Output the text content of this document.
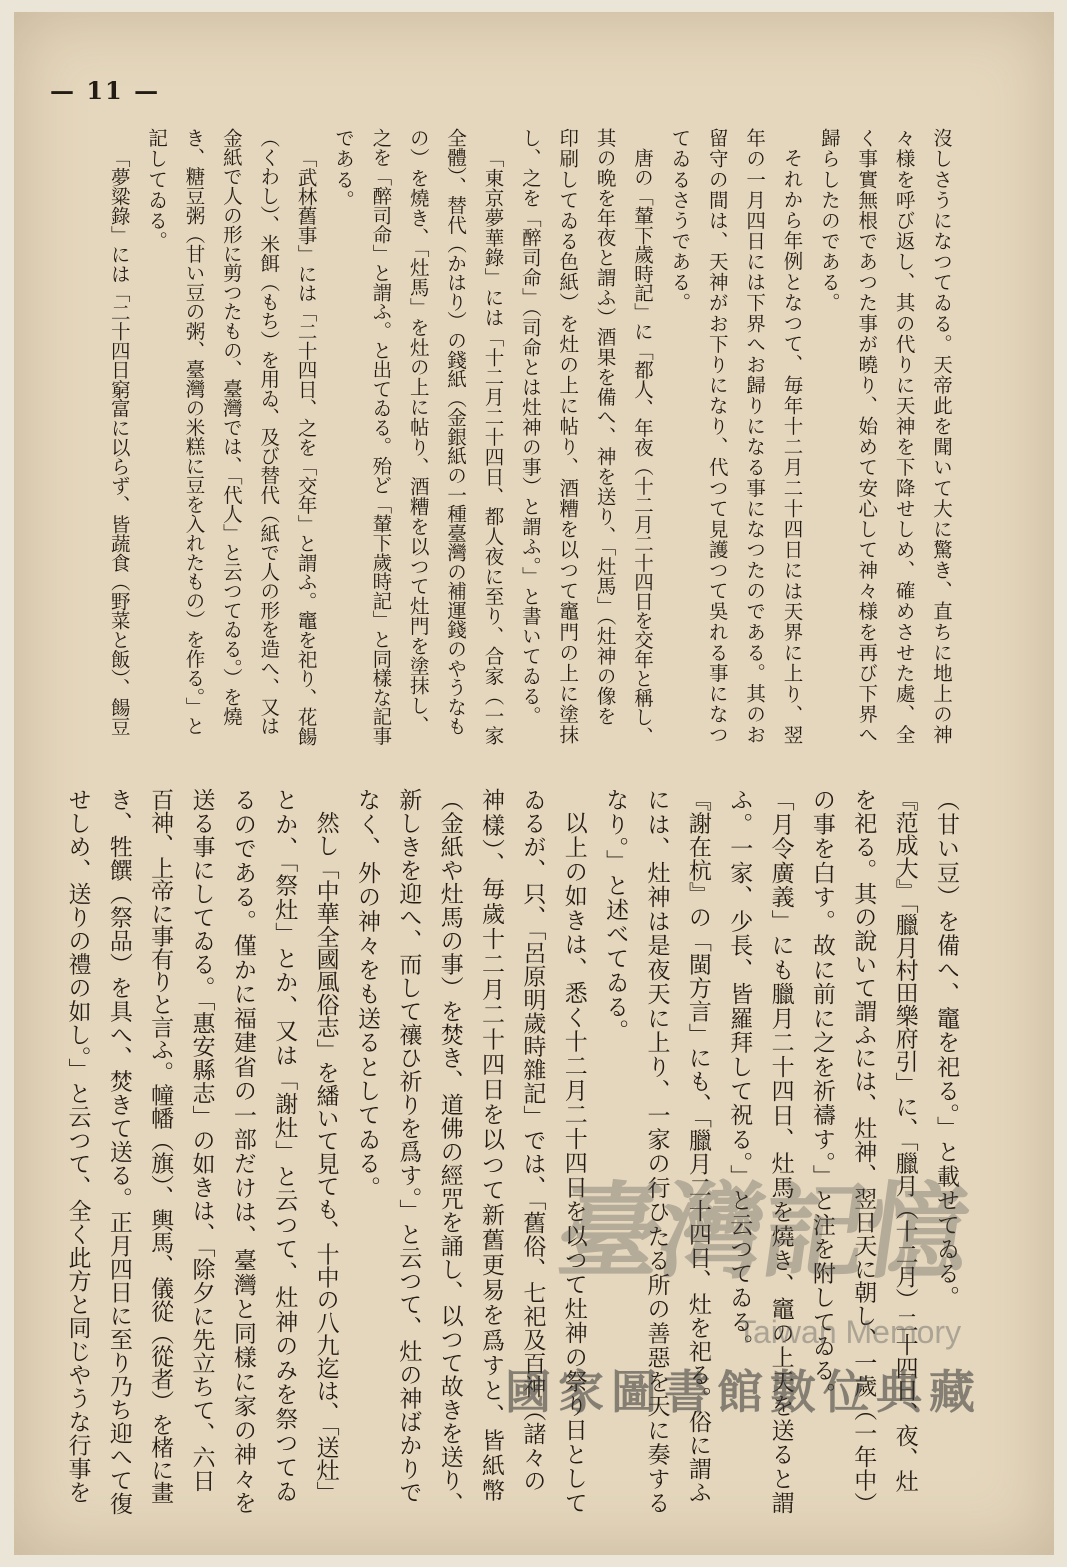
— 11 —
沒しさうになつてゐる。天帝此を聞いて大に驚き、直ちに地上の神
々様を呼び返し、其の代りに天神を下降せしめ、確めさせた處、全
く事實無根であつた事が曉り、始めて安心して神々様を再び下界へ
歸らしたのである。
それから年例となつて、毎年十二月二十四日には天界に上り、翌
年の一月四日には下界へお歸りになる事になつたのである。其のお
留守の間は、天神がお下りになり、代つて見護つて吳れる事になつ
てゐるさうである。
唐の「輦下歲時記」に「都人、年夜（十二月二十四日を交年と稱し、
其の晩を年夜と謂ふ）酒果を備へ、神を送り、「灶馬」（灶神の像を
印刷してゐる色紙）を灶の上に帖り、酒糟を以つて竈門の上に塗抹
し、之を「醉司命」（司命とは灶神の事）と謂ふ。」と書いてゐる。
「東京夢華錄」には「十二月二十四日、都人夜に至り、合家（一家
全體）、替代（かはり）の錢紙（金銀紙の一種臺灣の補運錢のやうなも
の）を燒き、「灶馬」を灶の上に帖り、酒糟を以つて灶門を塗抹し、
之を「醉司命」と謂ふ。と出てゐる。殆ど「輦下歲時記」と同樣な記事
である。
「武林舊事」には「二十四日、之を「交年」と謂ふ。竈を祀り、花餳
（くわし）、米餌（もち）を用ゐ、及び替代（紙で人の形を造へ、又は
金紙で人の形に剪つたもの、臺灣では、「代人」と云つてゐる。）を燒
き、糖豆粥（甘い豆の粥、臺灣の米糕に豆を入れたもの）を作る。」と
記してゐる。
「夢粱錄」には「二十四日窮富に以らず、皆蔬食（野菜と飯）、餳豆
（甘い豆）を備へ、竈を祀る。」と載せてゐる。
『范成大』「臘月村田樂府引」に、「臘月（十二月）二十四日、夜、灶
を祀る。其の說いて謂ふには、灶神、翌日天に朝し、一歲（一年中）
の事を白す。故に前に之を祈禱す。」と注を附してゐる。
「月令廣義」にも臘月二十四日、灶馬を燒き、竈の上天を送ると謂
ふ。一家、少長、皆羅拜して祝る。」と云つてゐる。
『謝在杭』の「閩方言」にも、「臘月二十四日、灶を祀る。俗に謂ふ
には、灶神は是夜天に上り、一家の行ひたる所の善惡を天に奏する
なり。」と述べてゐる。
以上の如きは、悉く十二月二十四日を以つて灶神の祭り日として
ゐるが、只、「呂原明歲時雜記」では、「舊俗、七祀及百神（諸々の
神樣）、毎歲十二月二十四日を以つて新舊更易を爲すと、皆紙幣
（金紙や灶馬の事）を焚き、道佛の經咒を誦し、以つて故きを送り、
新しきを迎へ、而して禳ひ祈りを爲す。」と云つて、灶の神ばかりで
なく、外の神々をも送るとしてゐる。
然し「中華全國風俗志」を繙いて見ても、十中の八九迄は、「送灶」
とか、「祭灶」とか、又は「謝灶」と云つて、灶神のみを祭つてゐ
るのである。僅かに福建省の一部だけは、臺灣と同樣に家の神々を
送る事にしてゐる。「惠安縣志」の如きは、「除夕に先立ちて、六日
百神、上帝に事有りと言ふ。幢幡（旗）、輿馬、儀從（從者）を楮に畫
き、牲饌（祭品）を具へ、焚きて送る。正月四日に至り乃ち迎へて復
せしめ、送りの禮の如し。」と云つて、全く此方と同じやうな行事を	臺灣記憶
Taiwan Memory
國家圖書館數位典藏
